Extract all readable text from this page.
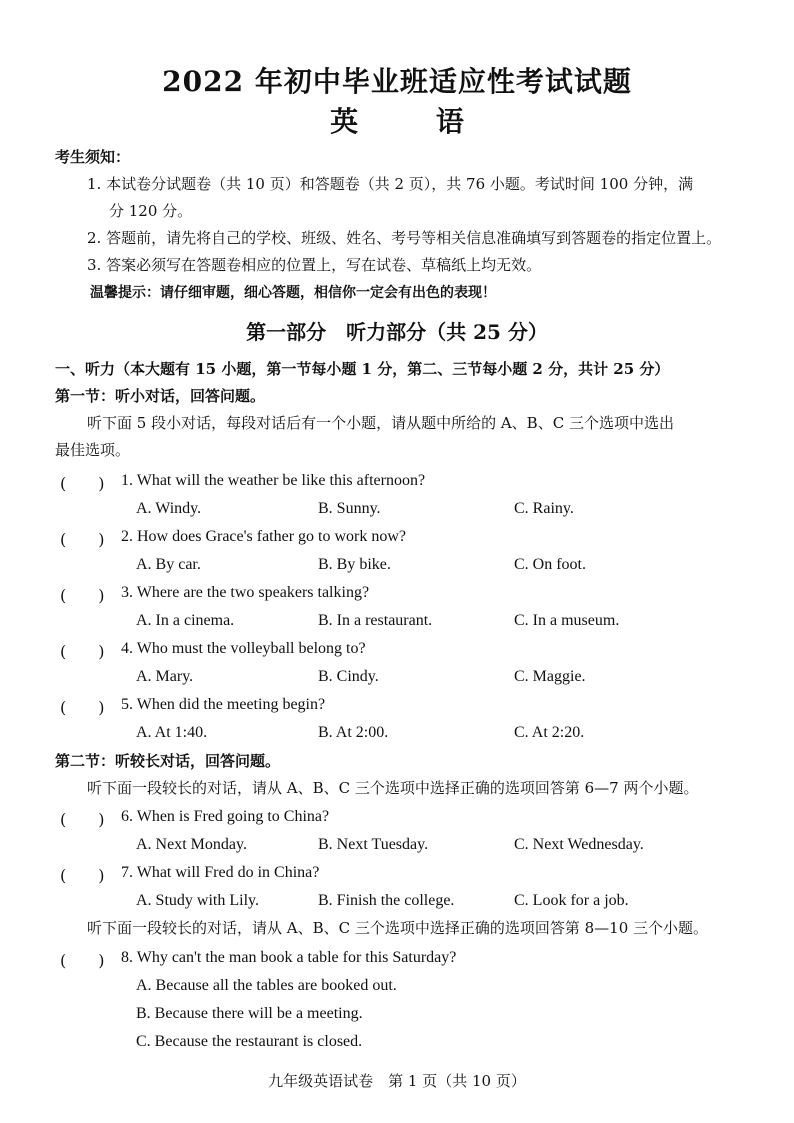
2022 年初中毕业班适应性考试试题
英 语
考生须知：
1. 本试卷分试题卷（共 10 页）和答题卷（共 2 页），共 76 小题。考试时间 100 分钟，满
分 120 分。
2. 答题前，请先将自己的学校、班级、姓名、考号等相关信息准确填写到答题卷的指定位置上。
3. 答案必须写在答题卷相应的位置上，写在试卷、草稿纸上均无效。
温馨提示：请仔细审题，细心答题，相信你一定会有出色的表现！
第一部分　听力部分（共 25 分）
一、听力（本大题有 15 小题，第一节每小题 1 分，第二、三节每小题 2 分，共计 25 分）
第一节：听小对话，回答问题。
听下面 5 段小对话，每段对话后有一个小题，请从题中所给的 A、B、C 三个选项中选出
最佳选项。
(　　) 1. What will the weather be like this afternoon?
A. Windy.	B. Sunny.	C. Rainy.
(　　) 2. How does Grace's father go to work now?
A. By car.	B. By bike.	C. On foot.
(　　) 3. Where are the two speakers talking?
A. In a cinema.	B. In a restaurant.	C. In a museum.
(　　) 4. Who must the volleyball belong to?
A. Mary.	B. Cindy.	C. Maggie.
(　　) 5. When did the meeting begin?
A. At 1:40.	B. At 2:00.	C. At 2:20.
第二节：听较长对话，回答问题。
听下面一段较长的对话，请从 A、B、C 三个选项中选择正确的选项回答第 6—7 两个小题。
(　　) 6. When is Fred going to China?
A. Next Monday.	B. Next Tuesday.	C. Next Wednesday.
(　　) 7. What will Fred do in China?
A. Study with Lily.	B. Finish the college.	C. Look for a job.
听下面一段较长的对话，请从 A、B、C 三个选项中选择正确的选项回答第 8—10 三个小题。
(　　) 8. Why can't the man book a table for this Saturday?
A. Because all the tables are booked out.
B. Because there will be a meeting.
C. Because the restaurant is closed.
九年级英语试卷　第 1 页（共 10 页）
